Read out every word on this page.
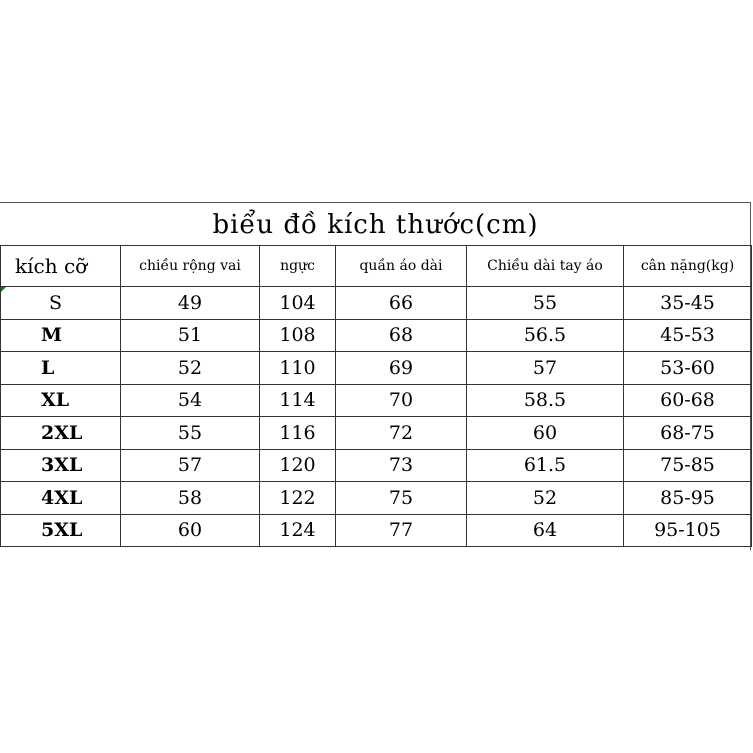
biểu đồ kích thước(cm)
kích cỡ	chiều rộng vai	ngực	quần áo dài	Chiều dài tay áo	cân nặng(kg)
S	49	104	66	55	35-45
M	51	108	68	56.5	45-53
L	52	110	69	57	53-60
XL	54	114	70	58.5	60-68
2XL	55	116	72	60	68-75
3XL	57	120	73	61.5	75-85
4XL	58	122	75	52	85-95
5XL	60	124	77	64	95-105
